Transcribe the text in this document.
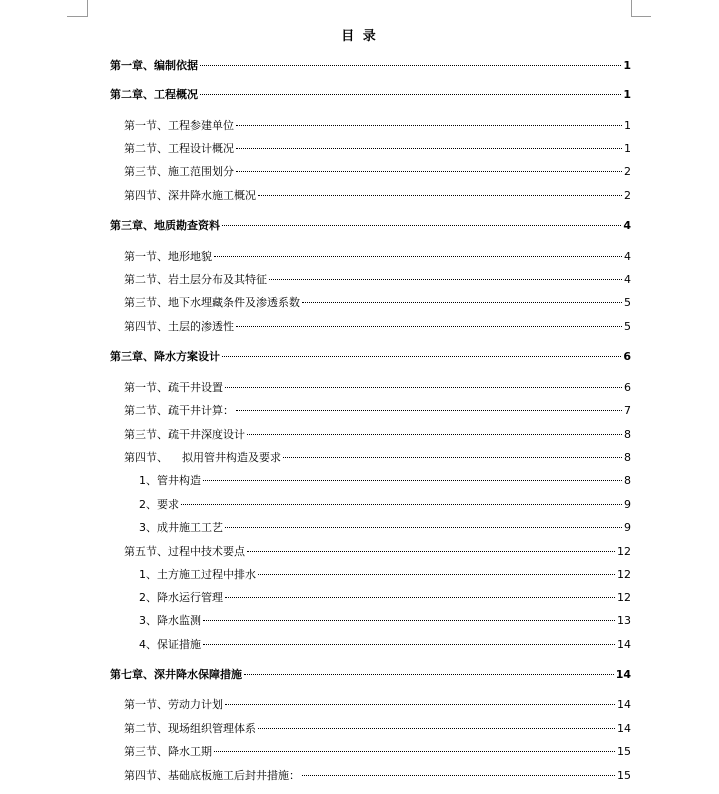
目 录
第一章、编制依据	1
第二章、工程概况	1
第一节、工程参建单位	1
第二节、工程设计概况	1
第三节、施工范围划分	2
第四节、深井降水施工概况	2
第三章、地质勘查资料	4
第一节、地形地貌	4
第二节、岩土层分布及其特征	4
第三节、地下水埋藏条件及渗透系数	5
第四节、土层的渗透性	5
第三章、降水方案设计	6
第一节、疏干井设置	6
第二节、疏干井计算：	7
第三节、疏干井深度设计	8
第四节、    拟用管井构造及要求	8
1、管井构造	8
2、要求	9
3、成井施工工艺	9
第五节、过程中技术要点	12
1、土方施工过程中排水	12
2、降水运行管理	12
3、降水监测	13
4、保证措施	14
第七章、深井降水保障措施	14
第一节、劳动力计划	14
第二节、现场组织管理体系	14
第三节、降水工期	15
第四节、基础底板施工后封井措施：	15
